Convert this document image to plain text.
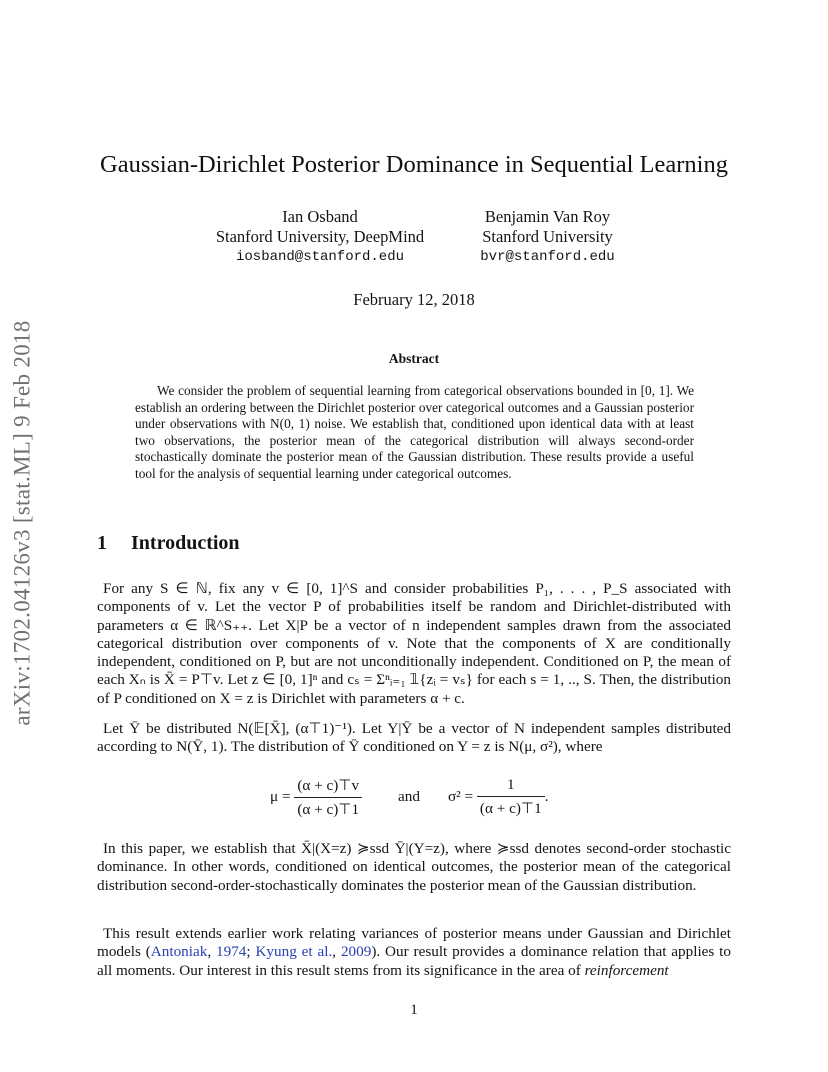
arXiv:1702.04126v3 [stat.ML] 9 Feb 2018
Gaussian-Dirichlet Posterior Dominance in Sequential Learning
Ian Osband
Stanford University, DeepMind
iosband@stanford.edu
Benjamin Van Roy
Stanford University
bvr@stanford.edu
February 12, 2018
Abstract
We consider the problem of sequential learning from categorical observations bounded in [0, 1]. We establish an ordering between the Dirichlet posterior over categorical outcomes and a Gaussian posterior under observations with N(0, 1) noise. We establish that, conditioned upon identical data with at least two observations, the posterior mean of the categorical distribution will always second-order stochastically dominate the posterior mean of the Gaussian distribution. These results provide a useful tool for the analysis of sequential learning under categorical outcomes.
1 Introduction
For any S ∈ ℕ, fix any v ∈ [0, 1]^S and consider probabilities P₁, . . . , P_S associated with components of v. Let the vector P of probabilities itself be random and Dirichlet-distributed with parameters α ∈ ℝ^S₊₊. Let X|P be a vector of n independent samples drawn from the associated categorical distribution over components of v. Note that the components of X are conditionally independent, conditioned on P, but are not unconditionally independent. Conditioned on P, the mean of each Xₙ is X̄ = P⊤v. Let z ∈ [0, 1]ⁿ and cₛ = Σⁿᵢ₌₁ 𝟙{zᵢ = vₛ} for each s = 1, .., S. Then, the distribution of P conditioned on X = z is Dirichlet with parameters α + c.
Let Ȳ be distributed N(𝔼[X̄], (α⊤1)⁻¹). Let Y|Ȳ be a vector of N independent samples distributed according to N(Ȳ, 1). The distribution of Ȳ conditioned on Y = z is N(μ, σ²), where
μ =
$\frac{(\alpha + c)⊤v}{(\alpha + c)⊤1}$ and σ² =
$\frac{1}{(\alpha + c)⊤1}$ .
In this paper, we establish that X̄|(X=z) ≽ssd Ȳ|(Y=z), where ≽ssd denotes second-order stochastic dominance. In other words, conditioned on identical outcomes, the posterior mean of the categorical distribution second-order-stochastically dominates the posterior mean of the Gaussian distribution.
This result extends earlier work relating variances of posterior means under Gaussian and Dirichlet models (Antoniak, 1974; Kyung et al., 2009). Our result provides a dominance relation that applies to all moments. Our interest in this result stems from its significance in the area of reinforcement
1
